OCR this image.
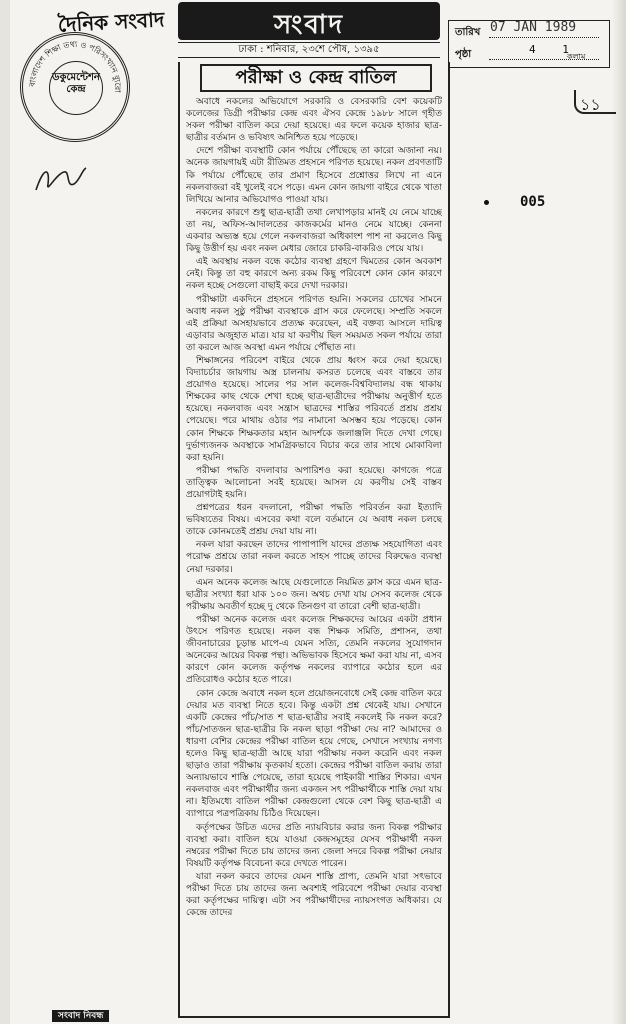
দৈনিক সংবাদ	সংবাদ
ঢাকা : শনিবার, ২৩শে পৌষ, ১৩৯৫
বাংলাদেশ শিক্ষা তথ্য ও পরিসংখ্যান ব্যুরো
ডকুমেন্টেশন
কেন্দ্র
তারিখ
পৃষ্ঠা	4 1
কলাম
07 JAN 1989
১১
005
পরীক্ষা ও কেন্দ্র বাতিল

অবাধে নকলের অভিযোগে সরকারি ও বেসরকারি বেশ কয়েকটি কলেজের ডিগ্রী পরীক্ষার কেন্দ্র এবং ঐসব কেন্দ্রে ১৯৮৮ সালে গৃহীত সকল পরীক্ষা বাতিল করে দেয়া হয়েছে। এর ফলে কয়েক হাজার ছাত্র-ছাত্রীর বর্তমান ও ভবিষ্যৎ অনিশ্চিত হয়ে পড়েছে।

দেশে পরীক্ষা ব্যবস্থাটি কোন পর্যায়ে পৌঁছেছে তা কারো অজানা নয়। অনেক জায়গায়ই এটা রীতিমত প্রহসনে পরিণত হয়েছে। নকল প্রবণতাটি কি পর্যায়ে পৌঁছেছে তার প্রমাণ হিসেবে প্রশ্নোত্তর লিখে না এনে নকলবাজরা বই খুলেই বসে পড়ে। এমন কোন জায়গা বাইরে থেকে খাতা লিখিয়ে আনার অভিযোগও পাওয়া যায়।

নকলের কারণে শুধু ছাত্র-ছাত্রী তথা লেখাপড়ার মানই যে নেমে যাচ্ছে তা নয়, অফিস-আদালতের কাজকর্মের মানও নেমে যাচ্ছে। কেননা একবার অভ্যস্ত হয়ে গেলে নকলবাজরা অধিকাংশ পাশ না করলেও কিছু কিছু উত্তীর্ণ হয় এবং নকল মেধার জোরে চাকরি-বাকরিও পেয়ে যায়।

এই অবস্থায় নকল বন্ধে কঠোর ব্যবস্থা গ্রহণে দ্বিমতের কোন অবকাশ নেই। কিন্তু তা বহু কারণে অন্য রকম কিছু পরিবেশে কোন কোন কারণে নকল হচ্ছে সেগুলো বাছাই করে দেখা দরকার।

পরীক্ষাটা একদিনে প্রহসনে পরিণত হয়নি। সকলের চোখের সামনে অবাধ নকল সুষ্ঠু পরীক্ষা ব্যবস্থাকে গ্রাস করে ফেলেছে। সম্প্রতি সকলে এই প্রক্রিয়া অসহায়ভাবে প্রত্যক্ষ করেছেন, এই বক্তব্য আসলে দায়িত্ব এড়াবার অজুহাত মাত্র। যার যা করণীয় ছিল সময়মত সকল পর্যায়ে তারা তা করলে আজ অবস্থা এমন পর্যায়ে পৌঁছাত না।

শিক্ষাঙ্গনের পরিবেশ বাইরে থেকে প্রায় ধ্বংস করে দেয়া হয়েছে। বিদ্যাচর্চার জায়গায় অস্ত্র চালনায় কসরত চলেছে এবং বাস্তবে তার প্রয়োগও হয়েছে। সালের পর সাল কলেজ-বিশ্ববিদ্যালয় বন্ধ থাকায় শিক্ষকের কাছ থেকে শেখা হচ্ছে ছাত্র-ছাত্রীদের পরীক্ষায় অনুত্তীর্ণ হতে হয়েছে। নকলবাজ এবং সন্ত্রাস ছাত্রদের শাস্তির পরিবর্তে প্রশ্রয় প্রশ্রয় পেয়েছে। পরে মাথায় ওঠার পর নামানো অসম্ভব হয়ে পড়েছে। কোন কোন শিক্ষকে শিক্ষকতার মহান আদর্শকে জলাঞ্জলি দিতে দেখা গেছে। দুর্ভাগ্যজনক অবস্থাকে সামগ্রিকভাবে বিচার করে তার সাথে মোকাবিলা করা হয়নি।

পরীক্ষা পদ্ধতি বদলাবার অপারিশও করা হয়েছে। কাগজে পত্রে তাত্ত্বিক আলোচনা সবই হয়েছে। আসল যে করণীয় সেই বাস্তব প্রয়োগটাই হয়নি।

প্রশ্নপত্রের ধরন বদলানো, পরীক্ষা পদ্ধতি পরিবর্তন করা ইত্যাদি ভবিষ্যতের বিষয়। এসবের কথা বলে বর্তমানে যে অবাধ নকল চলছে তাকে কোনমতেই প্রশ্রয় দেয়া যায় না।

নকল যারা করছেন তাদের পাপাপাপি যাদের প্রত্যক্ষ সহযোগিতা এবং পরোক্ষ প্রশ্রয়ে তারা নকল করতে সাহস পাচ্ছে তাদের বিরুদ্ধেও ব্যবস্থা নেয়া দরকার।

এমন অনেক কলেজ আছে যেগুলোতে নিয়মিত ক্লাস করে এমন ছাত্র-ছাত্রীর সংখ্যা ধরা যাক ১০০ জন। অথচ দেখা যায় সেসব কলেজ থেকে পরীক্ষায় অবতীর্ণ হচ্ছে দু থেকে তিনগুণ বা তারো বেশী ছাত্র-ছাত্রী।

পরীক্ষা অনেক কলেজ এবং কলেজ শিক্ষকদের আয়ের একটা প্রধান উৎসে পরিণত হয়েছে। নকল বন্ধ শিক্ষক সমিতি, প্রশাসন, তথা জীবনাচারের চূড়ান্ত মাপে-এ যেমন সত্যি, তেমনি নকলের সুযোগদান অনেকের আয়ের বিকল্প পন্থা। অভিভাবক হিসেবে ক্ষমা করা যায় না, এসব কারণে কোন কলেজ কর্তৃপক্ষ নকলের ব্যাপারে কঠোর হলে এর প্রতিরোধও কঠোর হতে পারে।

কোন কেন্দ্রে অবাধে নকল হলে প্রয়োজনবোধে সেই কেন্দ্র বাতিল করে দেয়ার মত ব্যবস্থা নিতে হবে। কিন্তু একটা প্রশ্ন থেকেই যায়। সেখানে একটি কেন্দ্রের পাঁচ/সাত শ ছাত্র-ছাত্রীর সবাই নকলেই কি নকল করে? পাঁচ/সাতজন ছাত্র-ছাত্রীর কি নকল ছাড়া পরীক্ষা দেয় না? আমাদের ও ধারণা বেশির কেন্দ্রের পরীক্ষা বাতিল হয়ে গেছে, সেখানে সংখ্যায় নগণ্য হলেও কিছু ছাত্র-ছাত্রী আছে যারা পরীক্ষায় নকল করেনি এবং নকল ছাড়াও তারা পরীক্ষায় কৃতকার্য হতো। কেন্দ্রের পরীক্ষা বাতিল করায় তারা অন্যায়ভাবে শাস্তি পেয়েছে, তারা হয়েছে পাইকারী শাস্তির শিকার। এখন নকলবাজ এবং পরীক্ষার্থীর জন্য একজন সৎ পরীক্ষার্থীকে শাস্তি দেয়া যায় না। ইতিমধ্যে বাতিল পরীক্ষা কেন্দ্রগুলো থেকে বেশ কিছু ছাত্র-ছাত্রী এ ব্যাপারে পত্রপত্রিকায় চিঠিও দিয়েছেন।

কর্তৃপক্ষের উচিত এদের প্রতি ন্যায়বিচার করার জন্য বিকল্প পরীক্ষার ব্যবস্থা করা। বাতিল হয়ে যাওয়া কেন্দ্রসমূহের যেসব পরীক্ষার্থী নকল নম্বরের পরীক্ষা দিতে চায় তাদের জন্য জেলা সদরে বিকল্প পরীক্ষা নেয়ার বিষয়টি কর্তৃপক্ষ বিবেচনা করে দেখতে পারেন।

যারা নকল করবে তাদের যেমন শাস্তি প্রাপ্য, তেমনি যারা সৎভাবে পরীক্ষা দিতে চায় তাদের জন্য অবশ্যই পরিবেশে পরীক্ষা দেয়ার ব্যবস্থা করা কর্তৃপক্ষের দায়িত্ব। এটা সব পরীক্ষার্থীদের ন্যায়সংগত অধিকার। যে কেন্দ্রে তাদের

সংবাদ নিবন্ধ
